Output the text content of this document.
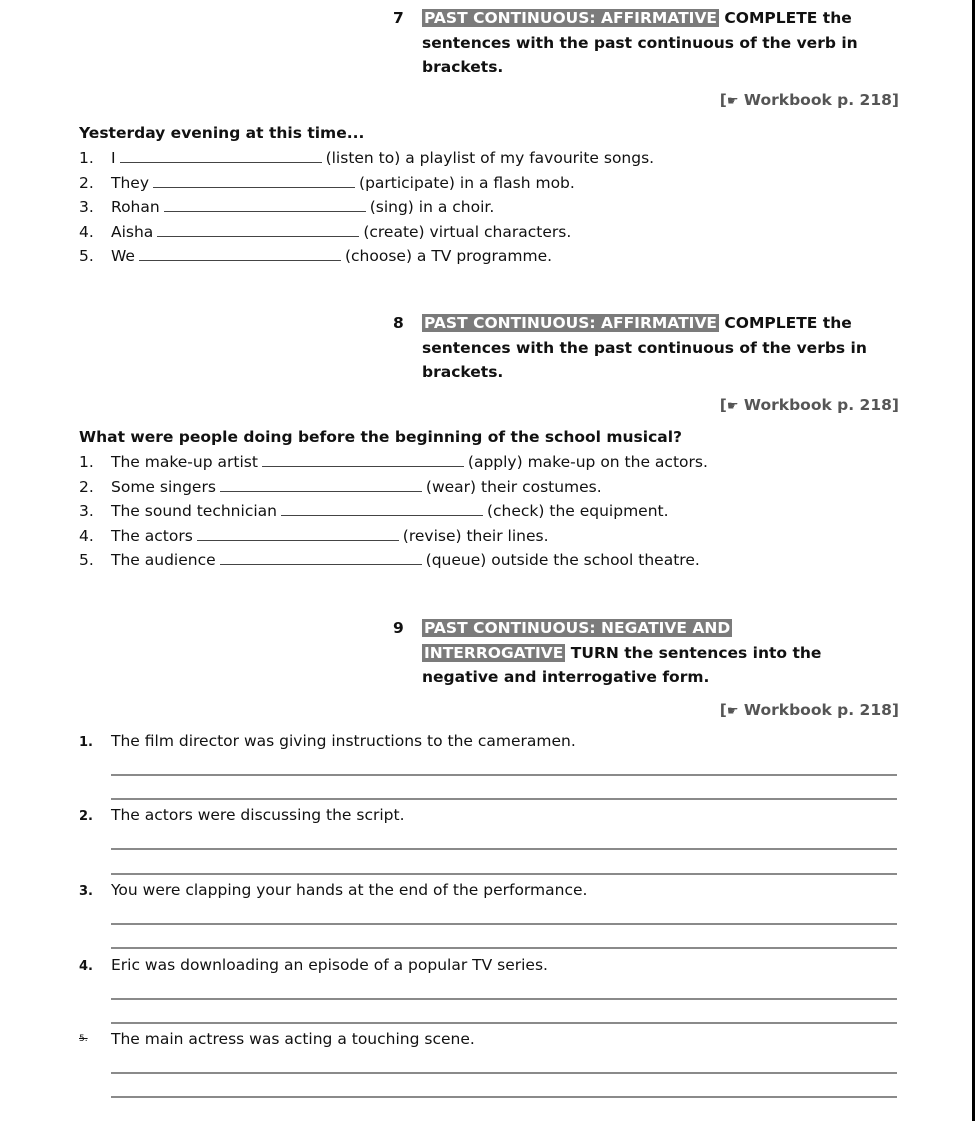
7 PAST CONTINUOUS: AFFIRMATIVE COMPLETE the
sentences with the past continuous of the verb in
brackets.
[☛ Workbook p. 218]
Yesterday evening at this time...
1. I	(listen to) a playlist of my favourite songs.
2. They	(participate) in a flash mob.
3. Rohan	(sing) in a choir.
4. Aisha	(create) virtual characters.
5. We	(choose) a TV programme.
8 PAST CONTINUOUS: AFFIRMATIVE COMPLETE the
sentences with the past continuous of the verbs in
brackets.
[☛ Workbook p. 218]
What were people doing before the beginning of the school musical?
1. The make-up artist	(apply) make-up on the actors.
2. Some singers	(wear) their costumes.
3. The sound technician	(check) the equipment.
4. The actors	(revise) their lines.
5. The audience	(queue) outside the school theatre.
9 PAST CONTINUOUS: NEGATIVE AND
INTERROGATIVE TURN the sentences into the
negative and interrogative form.
[☛ Workbook p. 218]
1. The film director was giving instructions to the cameramen.
2. The actors were discussing the script.
3. You were clapping your hands at the end of the performance.
4. Eric was downloading an episode of a popular TV series.
5. The main actress was acting a touching scene.
